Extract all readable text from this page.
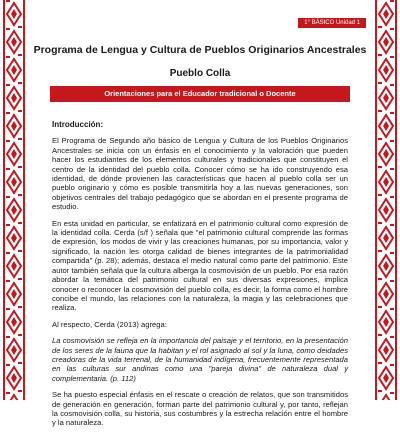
1° BÁSICO Unidad 1
Programa de Lengua y Cultura de Pueblos Originarios Ancestrales
Pueblo Colla
Orientaciones para el Educador tradicional o Docente
Introducción:

El Programa de Segundo año básico de Lengua y Cultura de los Pueblos Originarios Ancestrales se inicia con un énfasis en el conocimiento y la valoración que pueden hacer los estudiantes de los elementos culturales y tradicionales que constituyen el centro de la identidad del pueblo colla. Conocer cómo se ha ido construyendo esa identidad, de dónde provienen las características que hacen al pueblo colla ser un pueblo originario y cómo es posible transmitirla hoy a las nuevas generaciones, son objetivos centrales del trabajo pedagógico que se abordan en el presente programa de estudio.

En esta unidad en particular, se enfatizará en el patrimonio cultural como expresión de la identidad colla. Cerda (s/f ) señala que "el patrimonio cultural comprende las formas de expresión, los modos de vivir y las creaciones humanas, por su importancia, valor y significado, la nación les otorga calidad de bienes integrantes de la patrimonialidad compartida" (p. 28); además, destaca el medio natural como parte del patrimonio. Este autor también señala que la cultura alberga la cosmovisión de un pueblo. Por esa razón abordar la temática del patrimonio cultural en sus diversas expresiones, implica conocer o reconocer la cosmovisión del pueblo colla, es decir, la forma como el hombre concibe el mundo, las relaciones con la naturaleza, la magia y las celebraciones que realiza.

Al respecto, Cerda (2013) agrega:

La cosmovisión se refleja en la importancia del paisaje y el territorio, en la presentación de los seres de la fauna que la habitan y el rol asignado al sol y la luna, como deidades creadoras de la vida terrenal, de la humanidad indígena, frecuentemente representada en las culturas sur andinas como una "pareja divina" de naturaleza dual y complementaria. (p. 112)

Se ha puesto especial énfasis en el rescate o creación de relatos, que son transmitidos de generación en generación, forman parte del patrimonio cultural y, por tanto, reflejan la cosmovisión colla, su historia, sus costumbres y la estrecha relación entre el hombre y la naturaleza.
